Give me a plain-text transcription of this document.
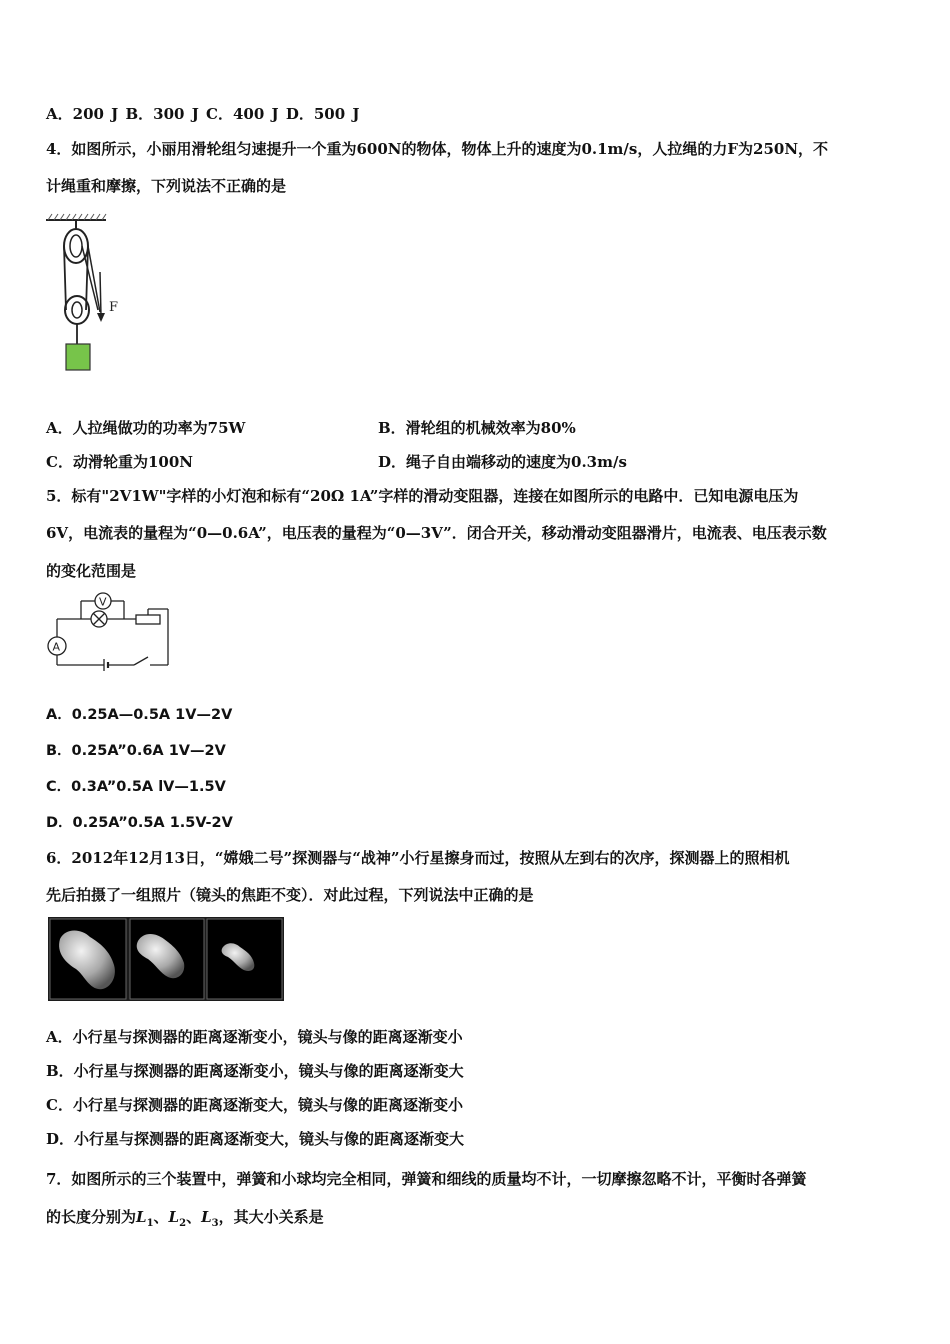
A．200 J B．300 J C．400 J D．500 J
4．如图所示，小丽用滑轮组匀速提升一个重为600N的物体，物体上升的速度为0.1m/s，人拉绳的力F为250N，不
计绳重和摩擦，下列说法不正确的是
F
A．人拉绳做功的功率为75W	B．滑轮组的机械效率为80%
C．动滑轮重为100N	D．绳子自由端移动的速度为0.3m/s
5．标有"2V1W"字样的小灯泡和标有“20Ω 1A”字样的滑动变阻器，连接在如图所示的电路中．已知电源电压为
6V，电流表的量程为“0—0.6A”，电压表的量程为“0—3V”．闭合开关，移动滑动变阻器滑片，电流表、电压表示数
的变化范围是
V
A
A．0.25A—0.5A 1V—2V
B．0.25A”0.6A 1V—2V
C．0.3A”0.5A lV—1.5V
D．0.25A”0.5A 1.5V-2V
6．2012年12月13日，“嫦娥二号”探测器与“战神”小行星擦身而过，按照从左到右的次序，探测器上的照相机
先后拍摄了一组照片（镜头的焦距不变）．对此过程，下列说法中正确的是
A．小行星与探测器的距离逐渐变小，镜头与像的距离逐渐变小
B．小行星与探测器的距离逐渐变小，镜头与像的距离逐渐变大
C．小行星与探测器的距离逐渐变大，镜头与像的距离逐渐变小
D．小行星与探测器的距离逐渐变大，镜头与像的距离逐渐变大
7．如图所示的三个装置中，弹簧和小球均完全相同，弹簧和细线的质量均不计，一切摩擦忽略不计，平衡时各弹簧
的长度分别为$L_1$、$L_2$、$L_3$，其大小关系是
